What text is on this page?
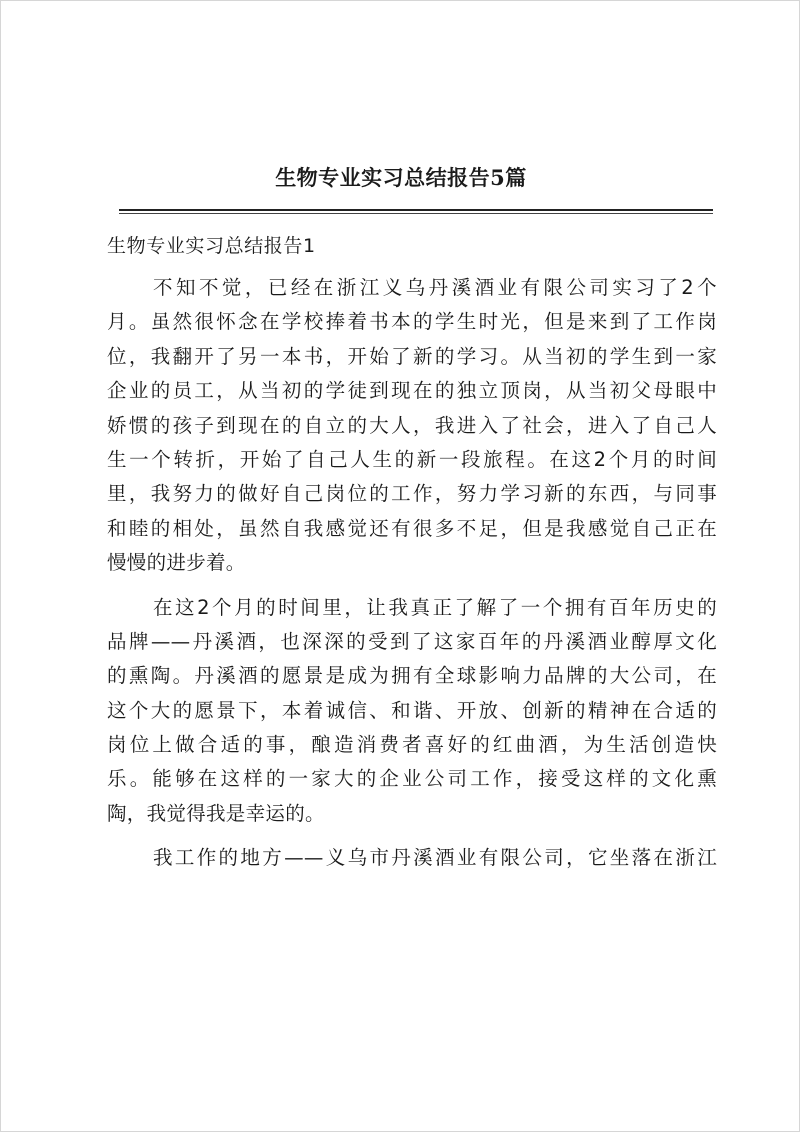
生物专业实习总结报告5篇
生物专业实习总结报告1
不知不觉，已经在浙江义乌丹溪酒业有限公司实习了2个
月。虽然很怀念在学校捧着书本的学生时光，但是来到了工作岗
位，我翻开了另一本书，开始了新的学习。从当初的学生到一家
企业的员工，从当初的学徒到现在的独立顶岗，从当初父母眼中
娇惯的孩子到现在的自立的大人，我进入了社会，进入了自己人
生一个转折，开始了自己人生的新一段旅程。在这2个月的时间
里，我努力的做好自己岗位的工作，努力学习新的东西，与同事
和睦的相处，虽然自我感觉还有很多不足，但是我感觉自己正在
慢慢的进步着。
在这2个月的时间里，让我真正了解了一个拥有百年历史的
品牌——丹溪酒，也深深的受到了这家百年的丹溪酒业醇厚文化
的熏陶。丹溪酒的愿景是成为拥有全球影响力品牌的大公司，在
这个大的愿景下，本着诚信、和谐、开放、创新的精神在合适的
岗位上做合适的事，酿造消费者喜好的红曲酒，为生活创造快
乐。能够在这样的一家大的企业公司工作，接受这样的文化熏
陶，我觉得我是幸运的。
我工作的地方——义乌市丹溪酒业有限公司，它坐落在浙江
